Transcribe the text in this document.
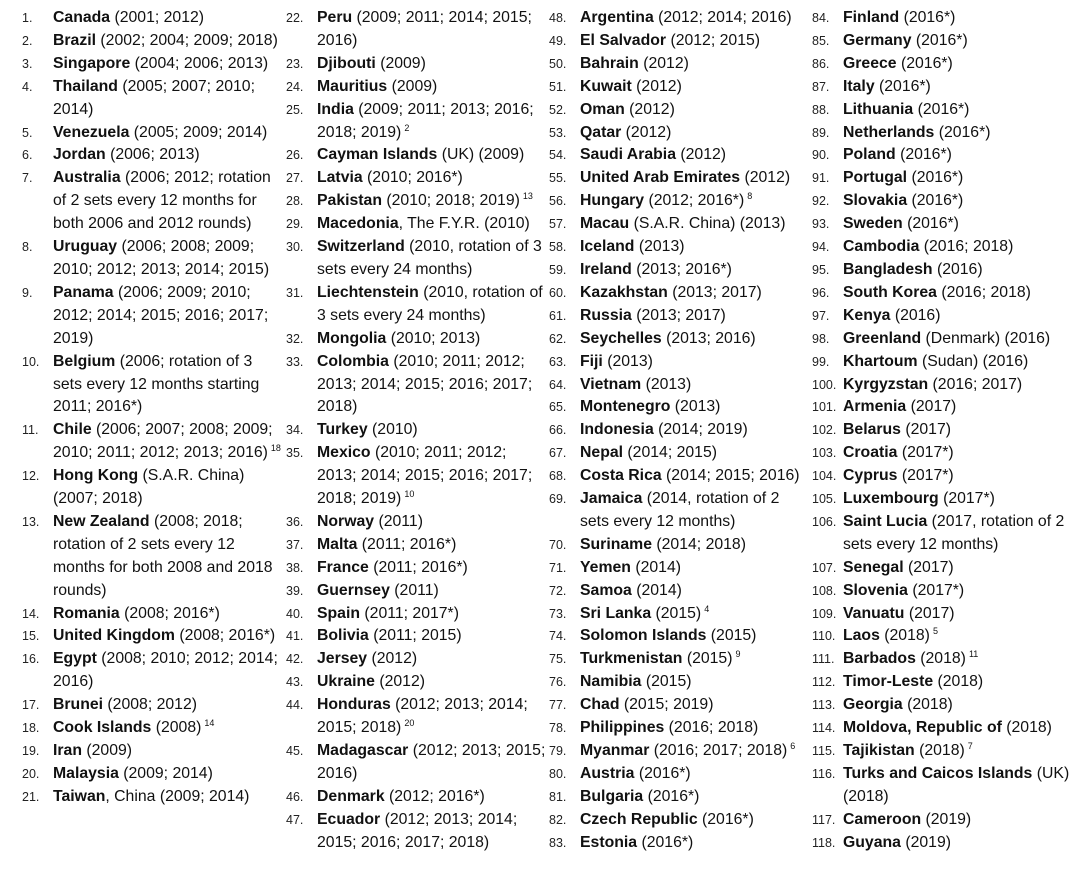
1. Canada (2001; 2012)
2. Brazil (2002; 2004; 2009; 2018)
3. Singapore (2004; 2006; 2013)
4. Thailand (2005; 2007; 2010; 2014)
5. Venezuela (2005; 2009; 2014)
6. Jordan (2006; 2013)
7. Australia (2006; 2012; rotation of 2 sets every 12 months for both 2006 and 2012 rounds)
8. Uruguay (2006; 2008; 2009; 2010; 2012; 2013; 2014; 2015)
9. Panama (2006; 2009; 2010; 2012; 2014; 2015; 2016; 2017; 2019)
10. Belgium (2006; rotation of 3 sets every 12 months starting 2011; 2016*)
11. Chile (2006; 2007; 2008; 2009; 2010; 2011; 2012; 2013; 2016) $^{18}$
12. Hong Kong (S.A.R. China) (2007; 2018)
13. New Zealand (2008; 2018; rotation of 2 sets every 12 months for both 2008 and 2018 rounds)
14. Romania (2008; 2016*)
15. United Kingdom (2008; 2016*)
16. Egypt (2008; 2010; 2012; 2014; 2016)
17. Brunei (2008; 2012)
18. Cook Islands (2008) $^{14}$
19. Iran (2009)
20. Malaysia (2009; 2014)
21. Taiwan, China (2009; 2014)
22. Peru (2009; 2011; 2014; 2015; 2016)
23. Djibouti (2009)
24. Mauritius (2009)
25. India (2009; 2011; 2013; 2016; 2018; 2019) $^2$
26. Cayman Islands (UK) (2009)
27. Latvia (2010; 2016*)
28. Pakistan (2010; 2018; 2019) $^{13}$
29. Macedonia, The F.Y.R. (2010)
30. Switzerland (2010, rotation of 3 sets every 24 months)
31. Liechtenstein (2010, rotation of 3 sets every 24 months)
32. Mongolia (2010; 2013)
33. Colombia (2010; 2011; 2012; 2013; 2014; 2015; 2016; 2017; 2018)
34. Turkey (2010)
35. Mexico (2010; 2011; 2012; 2013; 2014; 2015; 2016; 2017; 2018; 2019) $^{10}$
36. Norway (2011)
37. Malta (2011; 2016*)
38. France (2011; 2016*)
39. Guernsey (2011)
40. Spain (2011; 2017*)
41. Bolivia (2011; 2015)
42. Jersey (2012)
43. Ukraine (2012)
44. Honduras (2012; 2013; 2014; 2015; 2018) $^{20}$
45. Madagascar (2012; 2013; 2015; 2016)
46. Denmark (2012; 2016*)
47. Ecuador (2012; 2013; 2014; 2015; 2016; 2017; 2018)
48. Argentina (2012; 2014; 2016)
49. El Salvador (2012; 2015)
50. Bahrain (2012)
51. Kuwait (2012)
52. Oman (2012)
53. Qatar (2012)
54. Saudi Arabia (2012)
55. United Arab Emirates (2012)
56. Hungary (2012; 2016*) $^8$
57. Macau (S.A.R. China) (2013)
58. Iceland (2013)
59. Ireland (2013; 2016*)
60. Kazakhstan (2013; 2017)
61. Russia (2013; 2017)
62. Seychelles (2013; 2016)
63. Fiji (2013)
64. Vietnam (2013)
65. Montenegro (2013)
66. Indonesia (2014; 2019)
67. Nepal (2014; 2015)
68. Costa Rica (2014; 2015; 2016)
69. Jamaica (2014, rotation of 2 sets every 12 months)
70. Suriname (2014; 2018)
71. Yemen (2014)
72. Samoa (2014)
73. Sri Lanka (2015) $^4$
74. Solomon Islands (2015)
75. Turkmenistan (2015) $^9$
76. Namibia (2015)
77. Chad (2015; 2019)
78. Philippines (2016; 2018)
79. Myanmar (2016; 2017; 2018) $^6$
80. Austria (2016*)
81. Bulgaria (2016*)
82. Czech Republic (2016*)
83. Estonia (2016*)
84. Finland (2016*)
85. Germany (2016*)
86. Greece (2016*)
87. Italy (2016*)
88. Lithuania (2016*)
89. Netherlands (2016*)
90. Poland (2016*)
91. Portugal (2016*)
92. Slovakia (2016*)
93. Sweden (2016*)
94. Cambodia (2016; 2018)
95. Bangladesh (2016)
96. South Korea (2016; 2018)
97. Kenya (2016)
98. Greenland (Denmark) (2016)
99. Khartoum (Sudan) (2016)
100. Kyrgyzstan (2016; 2017)
101. Armenia (2017)
102. Belarus (2017)
103. Croatia (2017*)
104. Cyprus (2017*)
105. Luxembourg (2017*)
106. Saint Lucia (2017, rotation of 2 sets every 12 months)
107. Senegal (2017)
108. Slovenia (2017*)
109. Vanuatu (2017)
110. Laos (2018) $^5$
111. Barbados (2018) $^{11}$
112. Timor-Leste (2018)
113. Georgia (2018)
114. Moldova, Republic of (2018)
115. Tajikistan (2018) $^7$
116. Turks and Caicos Islands (UK) (2018)
117. Cameroon (2019)
118. Guyana (2019)
